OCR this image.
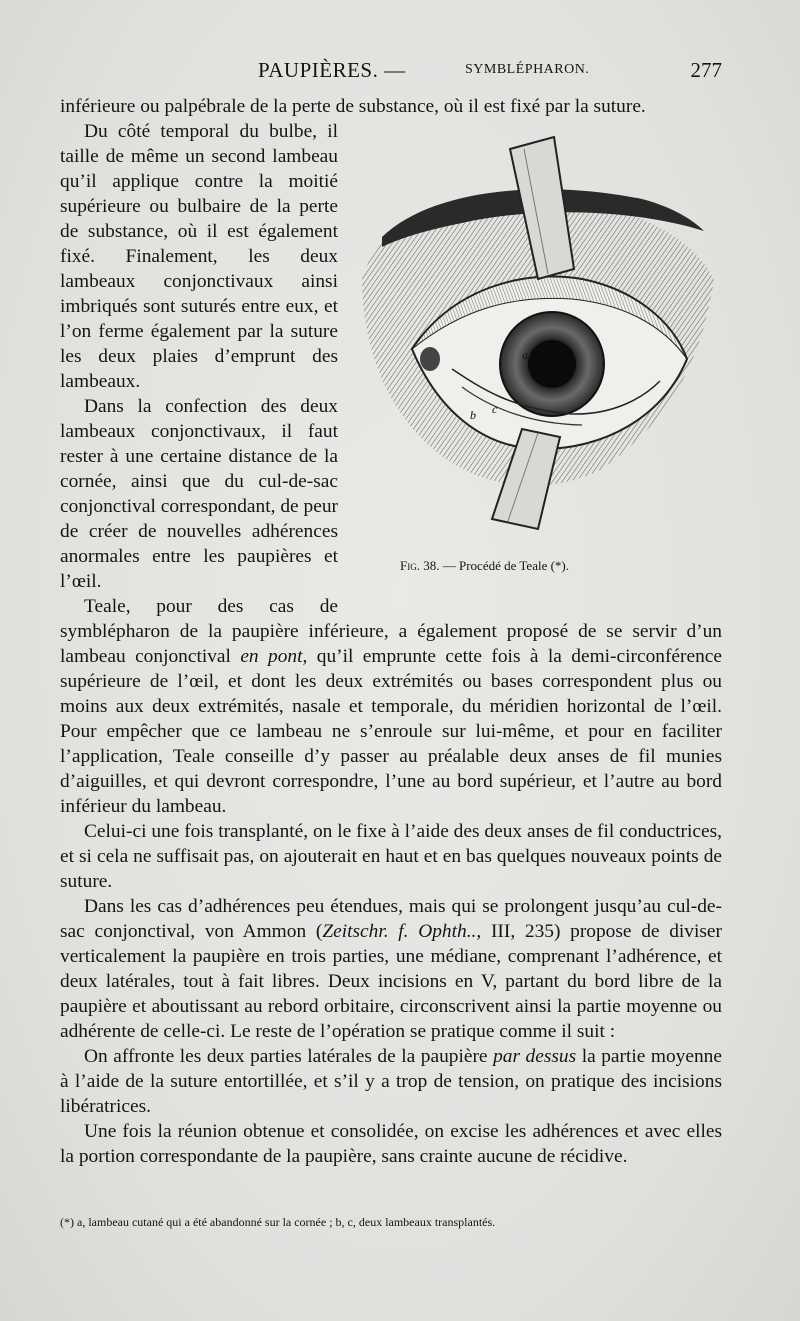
PAUPIÈRES. —	SYMBLÉPHARON.	277

inférieure ou palpébrale de la perte de substance, où il est fixé par la suture.

a
b c
Fig. 38. — Procédé de Teale (*).

Du côté temporal du bulbe, il taille de même un second lambeau qu’il applique contre la moitié supérieure ou bulbaire de la perte de substance, où il est également fixé. Finalement, les deux lambeaux conjonctivaux ainsi imbriqués sont suturés entre eux, et l’on ferme également par la suture les deux plaies d’emprunt des lambeaux.

Dans la confection des deux lambeaux conjonctivaux, il faut rester à une certaine distance de la cornée, ainsi que du cul-de-sac conjonctival correspondant, de peur de créer de nouvelles adhérences anormales entre les paupières et l’œil.

Teale, pour des cas de symblépharon de la paupière inférieure, a également proposé de se servir d’un lambeau conjonctival en pont, qu’il emprunte cette fois à la demi-circonférence supérieure de l’œil, et dont les deux extrémités ou bases correspondent plus ou moins aux deux extrémités, nasale et temporale, du méridien horizontal de l’œil. Pour empêcher que ce lambeau ne s’enroule sur lui-même, et pour en faciliter l’application, Teale conseille d’y passer au préalable deux anses de fil munies d’aiguilles, et qui devront correspondre, l’une au bord supérieur, et l’autre au bord inférieur du lambeau.

Celui-ci une fois transplanté, on le fixe à l’aide des deux anses de fil conductrices, et si cela ne suffisait pas, on ajouterait en haut et en bas quelques nouveaux points de suture.

Dans les cas d’adhérences peu étendues, mais qui se prolongent jusqu’au cul-de-sac conjonctival, von Ammon (Zeitschr. f. Ophth.., III, 235) propose de diviser verticalement la paupière en trois parties, une médiane, comprenant l’adhérence, et deux latérales, tout à fait libres. Deux incisions en V, partant du bord libre de la paupière et aboutissant au rebord orbitaire, circonscrivent ainsi la partie moyenne ou adhérente de celle-ci. Le reste de l’opération se pratique comme il suit :

On affronte les deux parties latérales de la paupière par dessus la partie moyenne à l’aide de la suture entortillée, et s’il y a trop de tension, on pratique des incisions libératrices.

Une fois la réunion obtenue et consolidée, on excise les adhérences et avec elles la portion correspondante de la paupière, sans crainte aucune de récidive.

(*) a, lambeau cutané qui a été abandonné sur la cornée ; b, c, deux lambeaux transplantés.
